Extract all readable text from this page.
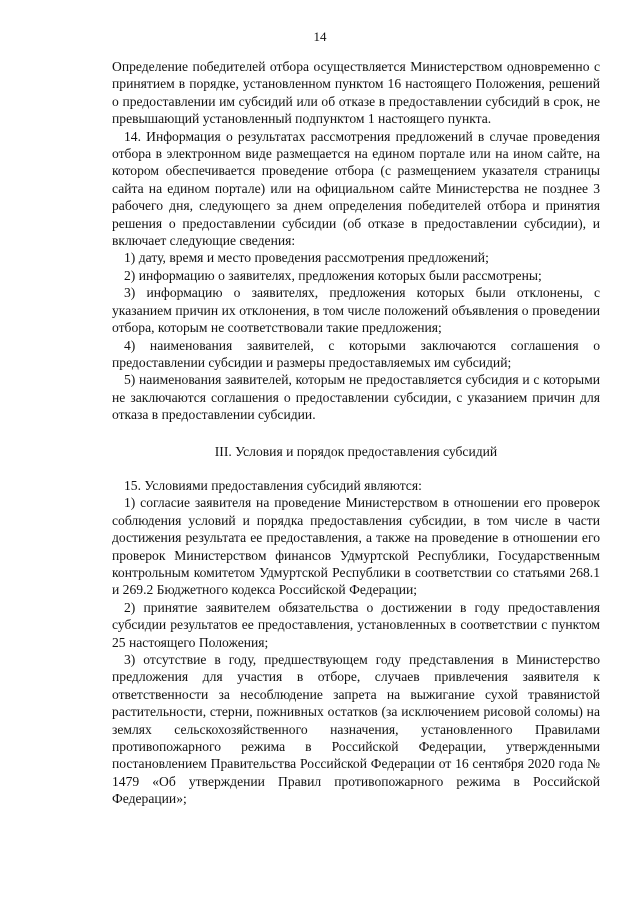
14

Определение победителей отбора осуществляется Министерством одновременно с принятием в порядке, установленном пунктом 16 настоящего Положения, решений о предоставлении им субсидий или об отказе в предоставлении субсидий в срок, не превышающий установленный подпунктом 1 настоящего пункта.

14. Информация о результатах рассмотрения предложений в случае проведения отбора в электронном виде размещается на едином портале или на ином сайте, на котором обеспечивается проведение отбора (с размещением указателя страницы сайта на едином портале) или на официальном сайте Министерства не позднее 3 рабочего дня, следующего за днем определения победителей отбора и принятия решения о предоставлении субсидии (об отказе в предоставлении субсидии), и включает следующие сведения:

1) дату, время и место проведения рассмотрения предложений;

2) информацию о заявителях, предложения которых были рассмотрены;

3) информацию о заявителях, предложения которых были отклонены, с указанием причин их отклонения, в том числе положений объявления о проведении отбора, которым не соответствовали такие предложения;

4) наименования заявителей, с которыми заключаются соглашения о предоставлении субсидии и размеры предоставляемых им субсидий;

5) наименования заявителей, которым не предоставляется субсидия и с которыми не заключаются соглашения о предоставлении субсидии, с указанием причин для отказа в предоставлении субсидии.

III. Условия и порядок предоставления субсидий

15. Условиями предоставления субсидий являются:

1) согласие заявителя на проведение Министерством в отношении его проверок соблюдения условий и порядка предоставления субсидии, в том числе в части достижения результата ее предоставления, а также на проведение в отношении его проверок Министерством финансов Удмуртской Республики, Государственным контрольным комитетом Удмуртской Республики в соответствии со статьями 268.1 и 269.2 Бюджетного кодекса Российской Федерации;

2) принятие заявителем обязательства о достижении в году предоставления субсидии результатов ее предоставления, установленных в соответствии с пунктом 25 настоящего Положения;

3) отсутствие в году, предшествующем году представления в Министерство предложения для участия в отборе, случаев привлечения заявителя к ответственности за несоблюдение запрета на выжигание сухой травянистой растительности, стерни, пожнивных остатков (за исключением рисовой соломы) на землях сельскохозяйственного назначения, установленного Правилами противопожарного режима в Российской Федерации, утвержденными постановлением Правительства Российской Федерации от 16 сентября 2020 года № 1479 «Об утверждении Правил противопожарного режима в Российской Федерации»;
